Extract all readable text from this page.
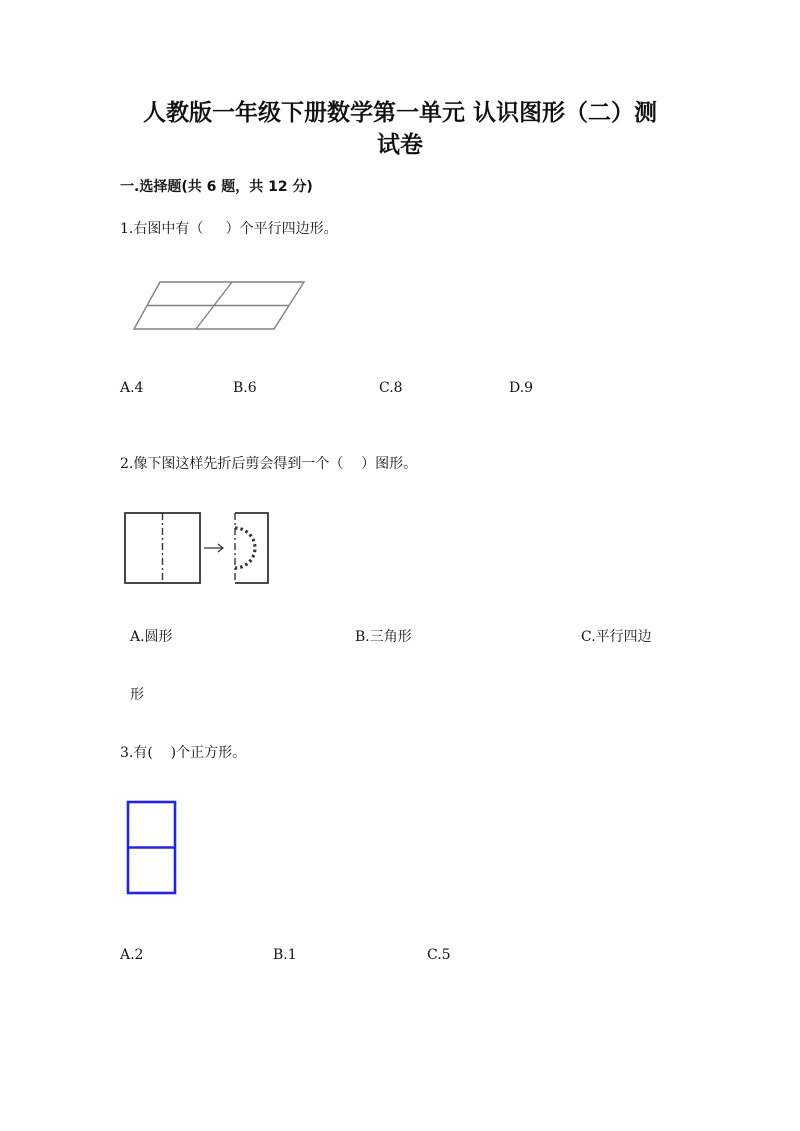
人教版一年级下册数学第一单元 认识图形（二）测
试卷
一.选择题(共 6 题，共 12 分)
1.右图中有（     ）个平行四边形。
A.4	B.6	C.8	D.9
2.像下图这样先折后剪会得到一个（    ）图形。
A.圆形	B.三角形	C.平行四边
形
3.有(    )个正方形。
A.2	B.1	C.5
